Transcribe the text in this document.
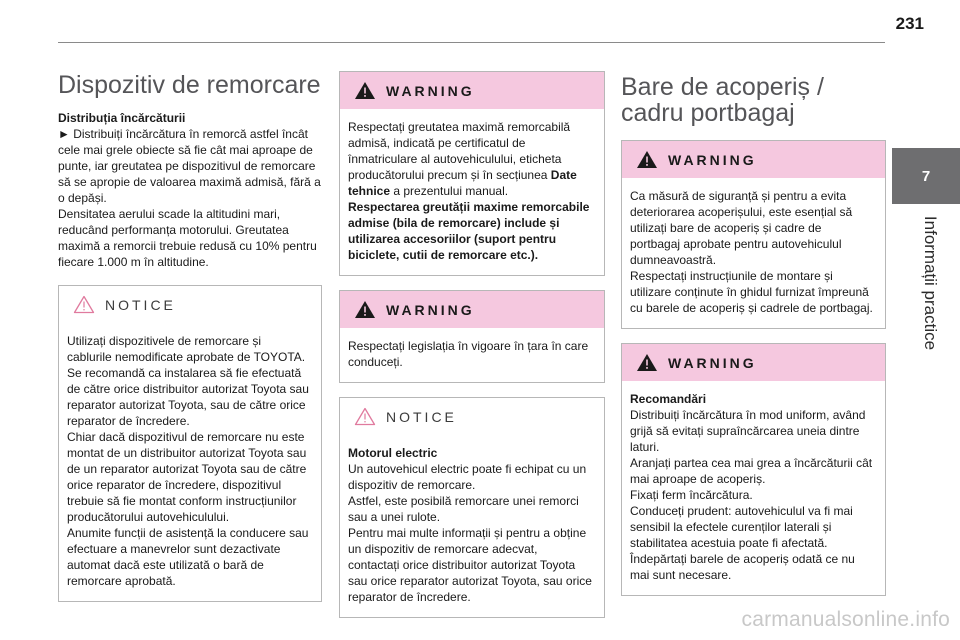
231
7
Informații practice
Dispozitiv de remorcare

Distribuția încărcăturii

► Distribuiți încărcătura în remorcă astfel încât cele mai grele obiecte să fie cât mai aproape de punte, iar greutatea pe dispozitivul de remorcare să se apropie de valoarea maximă admisă, fără a o depăși.

Densitatea aerului scade la altitudini mari, reducând performanța motorului. Greutatea maximă a remorcii trebuie redusă cu 10% pentru fiecare 1.000 m în altitudine.

NOTICE

Utilizați dispozitivele de remorcare și cablurile nemodificate aprobate de TOYOTA. Se recomandă ca instalarea să fie efectuată de către orice distribuitor autorizat Toyota sau reparator autorizat Toyota, sau de către orice reparator de încredere.

Chiar dacă dispozitivul de remorcare nu este montat de un distribuitor autorizat Toyota sau de un reparator autorizat Toyota sau de către orice reparator de încredere, dispozitivul trebuie să fie montat conform instrucțiunilor producătorului autovehiculului.

Anumite funcții de asistență la conducere sau efectuare a manevrelor sunt dezactivate automat dacă este utilizată o bară de remorcare aprobată.

WARNING

Respectați greutatea maximă remorcabilă admisă, indicată pe certificatul de înmatriculare al autovehiculului, eticheta producătorului precum și în secțiunea Date tehnice a prezentului manual.

Respectarea greutății maxime remorcabile admise (bila de remorcare) include și utilizarea accesoriilor (suport pentru biciclete, cutii de remorcare etc.).

WARNING

Respectați legislația în vigoare în țara în care conduceți.

NOTICE

Motorul electric

Un autovehicul electric poate fi echipat cu un dispozitiv de remorcare.

Astfel, este posibilă remorcare unei remorci sau a unei rulote.

Pentru mai multe informații și pentru a obține un dispozitiv de remorcare adecvat, contactați orice distribuitor autorizat Toyota sau orice reparator autorizat Toyota, sau orice reparator de încredere.

Bare de acoperiș / cadru portbagaj
WARNING

Ca măsură de siguranță și pentru a evita deteriorarea acoperișului, este esențial să utilizați bare de acoperiș și cadre de portbagaj aprobate pentru autovehiculul dumneavoastră.

Respectați instrucțiunile de montare și utilizare conținute în ghidul furnizat împreună cu barele de acoperiș și cadrele de portbagaj.

WARNING

Recomandări

Distribuiți încărcătura în mod uniform, având grijă să evitați supraîncărcarea uneia dintre laturi.

Aranjați partea cea mai grea a încărcăturii cât mai aproape de acoperiș.

Fixați ferm încărcătura.

Conduceți prudent: autovehiculul va fi mai sensibil la efectele curenților laterali și stabilitatea acestuia poate fi afectată.

Îndepărtați barele de acoperiș odată ce nu mai sunt necesare.

carmanualsonline.info
